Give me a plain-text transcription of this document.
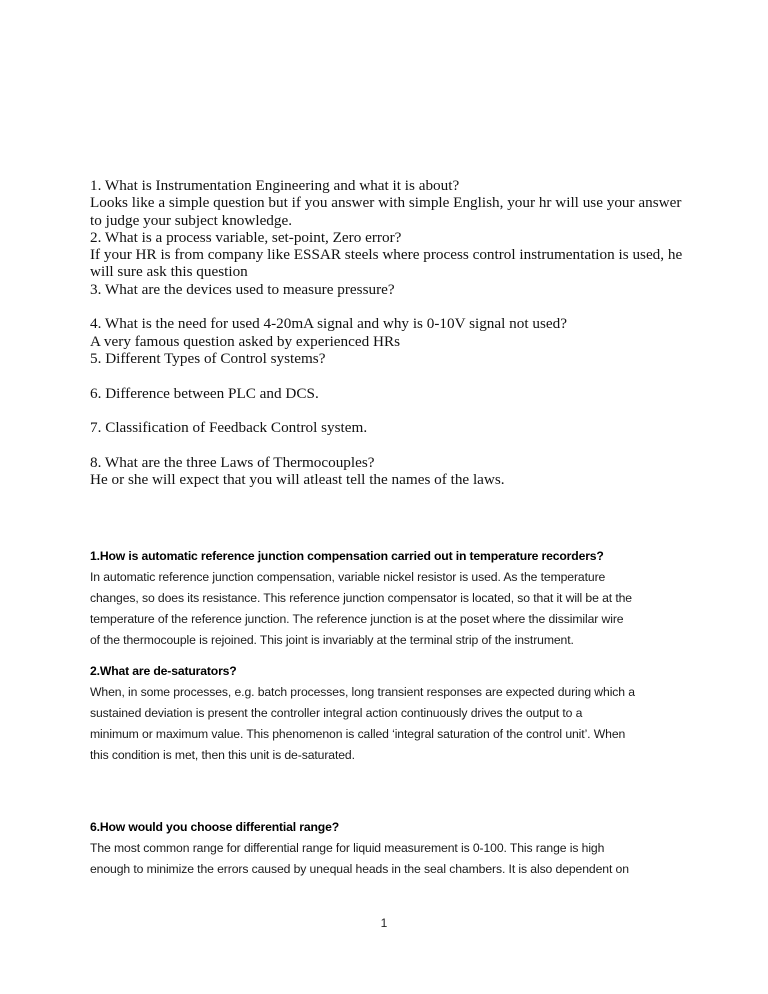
1. What is Instrumentation Engineering and what it is about?

Looks like a simple question but if you answer with simple English, your hr will use your answer

to judge your subject knowledge.

2. What is a process variable, set-point, Zero error?

If your HR is from company like ESSAR steels where process control instrumentation is used, he

will sure ask this question

3. What are the devices used to measure pressure?

4. What is the need for used 4-20mA signal and why is 0-10V signal not used?

A very famous question asked by experienced HRs

5. Different Types of Control systems?

6. Difference between PLC and DCS.

7. Classification of Feedback Control system.

8. What are the three Laws of Thermocouples?

He or she will expect that you will atleast tell the names of the laws.

1.How is automatic reference junction compensation carried out in temperature recorders?

In automatic reference junction compensation, variable nickel resistor is used. As the temperature

changes, so does its resistance. This reference junction compensator is located, so that it will be at the

temperature of the reference junction. The reference junction is at the poset where the dissimilar wire

of the thermocouple is rejoined. This joint is invariably at the terminal strip of the instrument.

2.What are de-saturators?

When, in some processes, e.g. batch processes, long transient responses are expected during which a

sustained deviation is present the controller integral action continuously drives the output to a

minimum or maximum value. This phenomenon is called ‘integral saturation of the control unit’. When

this condition is met, then this unit is de-saturated.

6.How would you choose differential range?

The most common range for differential range for liquid measurement is 0-100. This range is high

enough to minimize the errors caused by unequal heads in the seal chambers. It is also dependent on

1
